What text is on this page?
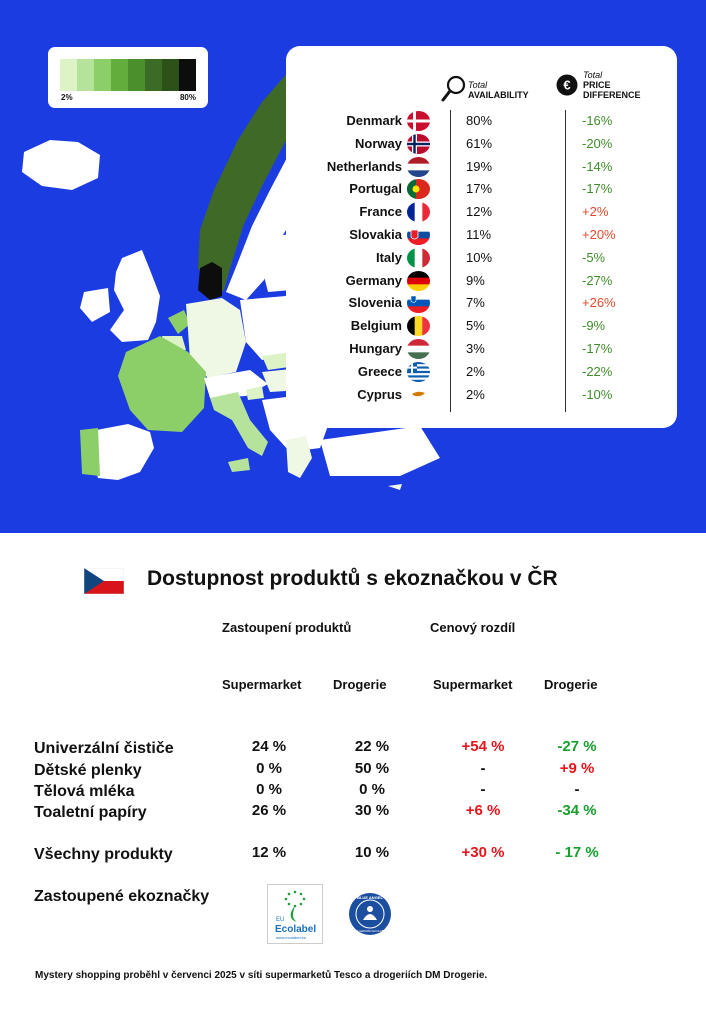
2%	80%
Total
AVAILABILITY
€
Total
PRICE
DIFFERENCE
Denmark	80%	-16%
Norway	61%	-20%
Netherlands	19%	-14%
Portugal	17%	-17%
France	12%	+2%
Slovakia	11%	+20%
Italy	10%	-5%
Germany	9%	-27%
Slovenia	7%	+26%
Belgium	5%	-9%
Hungary	3%	-17%
Greece	2%	-22%
Cyprus	2%	-10%
Dostupnost produktů s ekoznačkou v ČR
Zastoupení produktů	Cenový rozdíl
Supermarket Drogerie	Supermarket Drogerie
Univerzální čističe	24 %	22 %	+54 %	-27 %
Dětské plenky	0 %	50 %	-	+9 %
Tělová mléka	0 %	0 %	-	-
Toaletní papíry	26 %	30 %	+6 %	-34 %
Všechny produkty	12 %	10 %	+30 %	- 17 %
Zastoupené ekoznačky
EU
Ecolabel
www.ecolabel.eu
BLUE ANGEL
THE GERMAN ECOLABEL
Mystery shopping proběhl v červenci 2025 v síti supermarketů Tesco a drogeriích DM Drogerie.
